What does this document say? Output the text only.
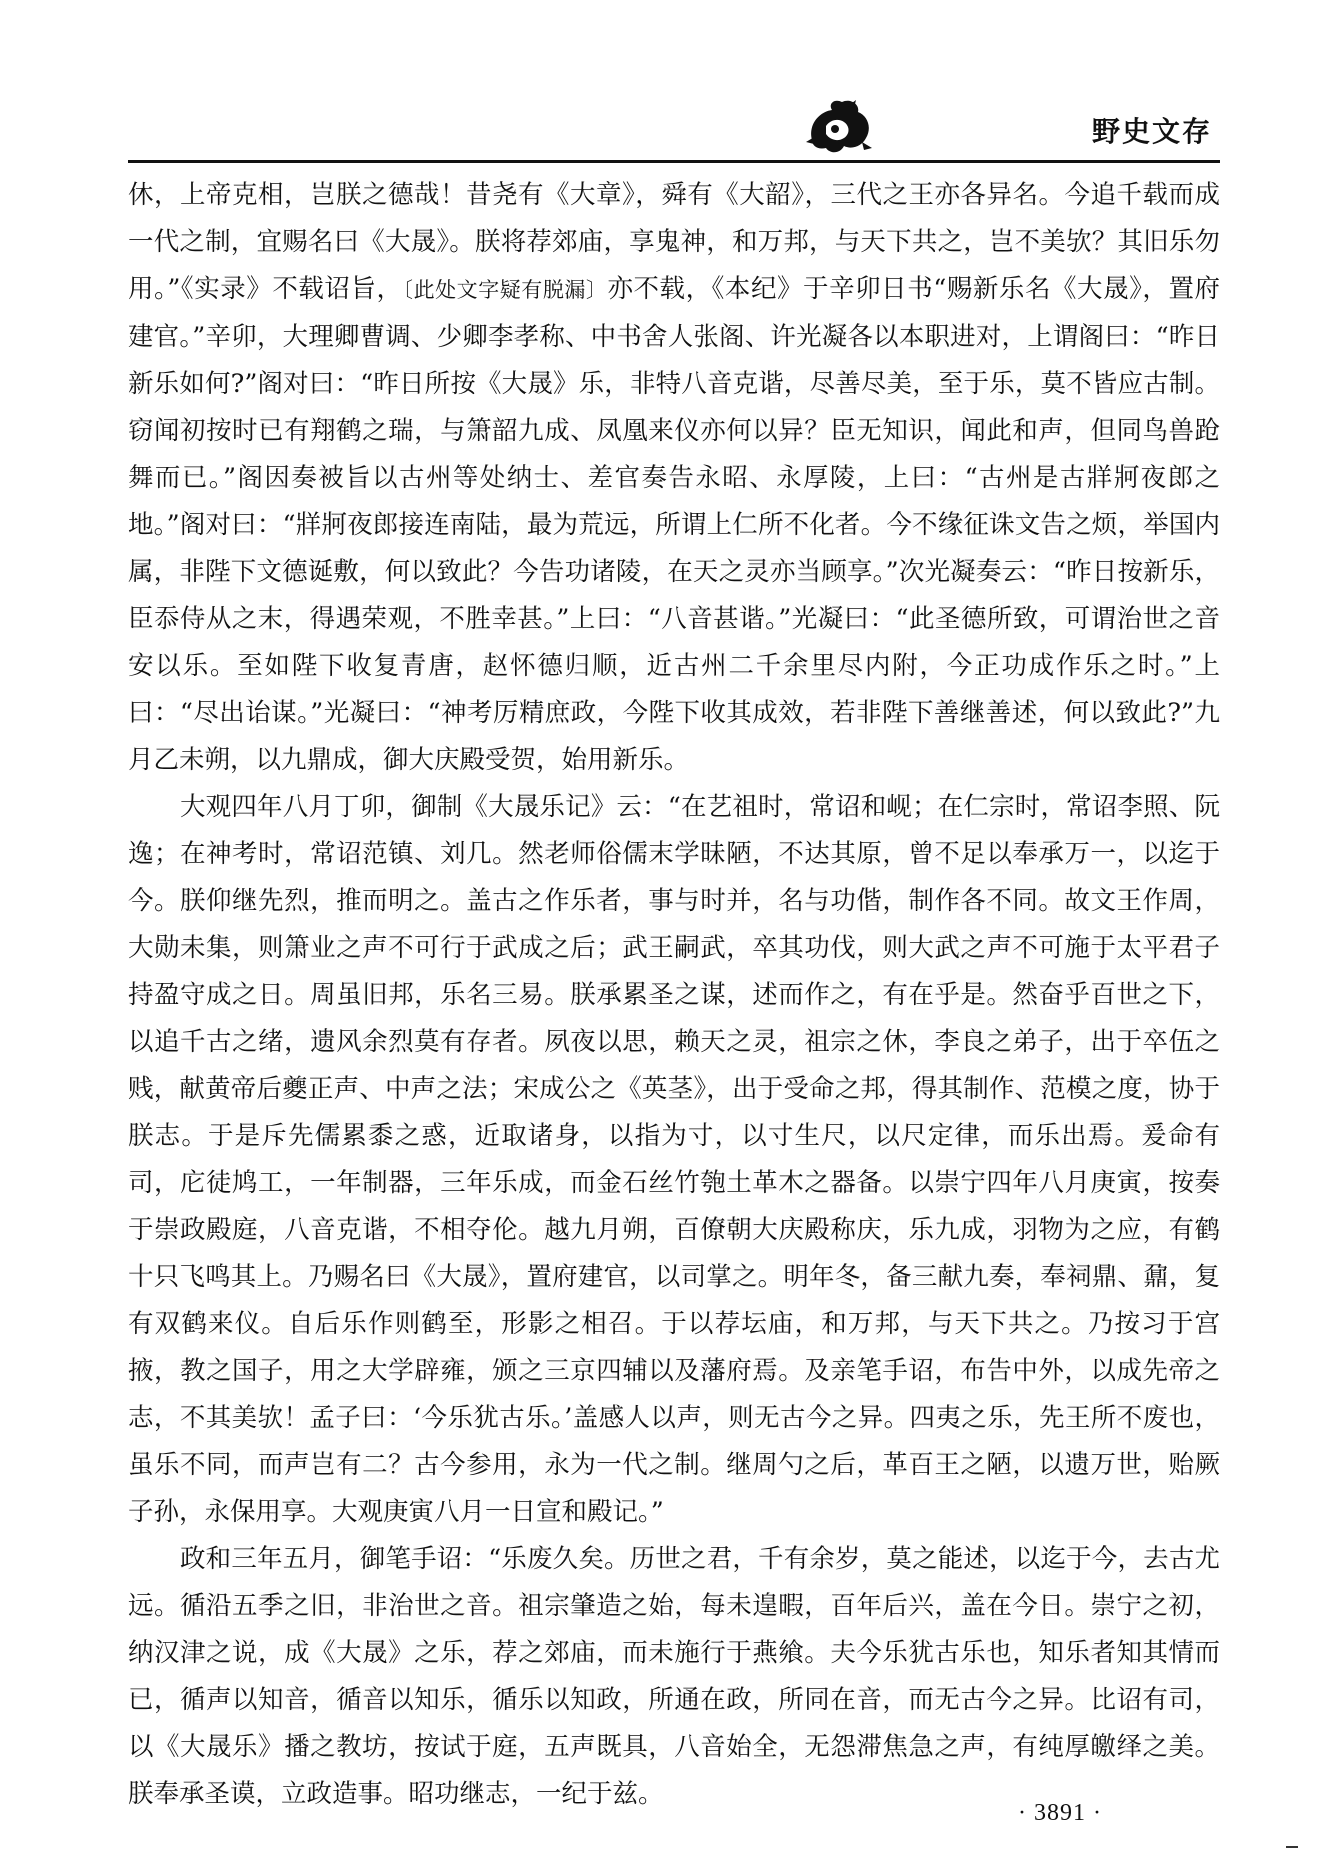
野史文存

休，上帝克相，岂朕之德哉！昔尧有《大章》，舜有《大韶》，三代之王亦各异名。今追千载而成一代之制，宜赐名曰《大晟》。朕将荐郊庙，享鬼神，和万邦，与天下共之，岂不美欤？其旧乐勿用。”《实录》不载诏旨，〔此处文字疑有脱漏〕亦不载，《本纪》于辛卯日书“赐新乐名《大晟》，置府建官。”辛卯，大理卿曹调、少卿李孝称、中书舍人张阁、许光凝各以本职进对，上谓阁曰：“昨日新乐如何?”阁对曰：“昨日所按《大晟》乐，非特八音克谐，尽善尽美，至于乐，莫不皆应古制。窃闻初按时已有翔鹤之瑞，与箫韶九成、凤凰来仪亦何以异？臣无知识，闻此和声，但同鸟兽跄舞而已。”阁因奏被旨以古州等处纳士、差官奏告永昭、永厚陵，上曰：“古州是古牂牁夜郎之地。”阁对曰：“牂牁夜郎接连南陆，最为荒远，所谓上仁所不化者。今不缘征诛文告之烦，举国内属，非陛下文德诞敷，何以致此？今告功诸陵，在天之灵亦当顾享。”次光凝奏云：“昨日按新乐，臣忝侍从之末，得遇荣观，不胜幸甚。”上曰：“八音甚谐。”光凝曰：“此圣德所致，可谓治世之音安以乐。至如陛下收复青唐，赵怀德归顺，近古州二千余里尽内附，今正功成作乐之时。”上曰：“尽出诒谋。”光凝曰：“神考厉精庶政，今陛下收其成效，若非陛下善继善述，何以致此?”九月乙未朔，以九鼎成，御大庆殿受贺，始用新乐。

大观四年八月丁卯，御制《大晟乐记》云：“在艺祖时，常诏和岘；在仁宗时，常诏李照、阮逸；在神考时，常诏范镇、刘几。然老师俗儒末学昧陋，不达其原，曾不足以奉承万一，以迄于今。朕仰继先烈，推而明之。盖古之作乐者，事与时并，名与功偕，制作各不同。故文王作周，大勋未集，则箫业之声不可行于武成之后；武王嗣武，卒其功伐，则大武之声不可施于太平君子持盈守成之日。周虽旧邦，乐名三易。朕承累圣之谋，述而作之，有在乎是。然奋乎百世之下，以追千古之绪，遗风余烈莫有存者。夙夜以思，赖天之灵，祖宗之休，李良之弟子，出于卒伍之贱，献黄帝后夔正声、中声之法；宋成公之《英茎》，出于受命之邦，得其制作、范模之度，协于朕志。于是斥先儒累黍之惑，近取诸身，以指为寸，以寸生尺，以尺定律，而乐出焉。爰命有司，庀徒鸠工，一年制器，三年乐成，而金石丝竹匏土革木之器备。以崇宁四年八月庚寅，按奏于崇政殿庭，八音克谐，不相夺伦。越九月朔，百僚朝大庆殿称庆，乐九成，羽物为之应，有鹤十只飞鸣其上。乃赐名曰《大晟》，置府建官，以司掌之。明年冬，备三献九奏，奉祠鼎、鼐，复有双鹤来仪。自后乐作则鹤至，形影之相召。于以荐坛庙，和万邦，与天下共之。乃按习于宫掖，教之国子，用之大学辟雍，颁之三京四辅以及藩府焉。及亲笔手诏，布告中外，以成先帝之志，不其美欤！孟子曰：‘今乐犹古乐。’盖感人以声，则无古今之异。四夷之乐，先王所不废也，虽乐不同，而声岂有二？古今参用，永为一代之制。继周勺之后，革百王之陋，以遗万世，贻厥子孙，永保用享。大观庚寅八月一日宣和殿记。”

政和三年五月，御笔手诏：“乐废久矣。历世之君，千有余岁，莫之能述，以迄于今，去古尤远。循沿五季之旧，非治世之音。祖宗肇造之始，每未遑暇，百年后兴，盖在今日。崇宁之初，纳汉津之说，成《大晟》之乐，荐之郊庙，而未施行于燕飨。夫今乐犹古乐也，知乐者知其情而已，循声以知音，循音以知乐，循乐以知政，所通在政，所同在音，而无古今之异。比诏有司，以《大晟乐》播之教坊，按试于庭，五声既具，八音始全，无怨滞焦急之声，有纯厚皦绎之美。朕奉承圣谟，立政造事。昭功继志，一纪于兹。

· 3891 ·
